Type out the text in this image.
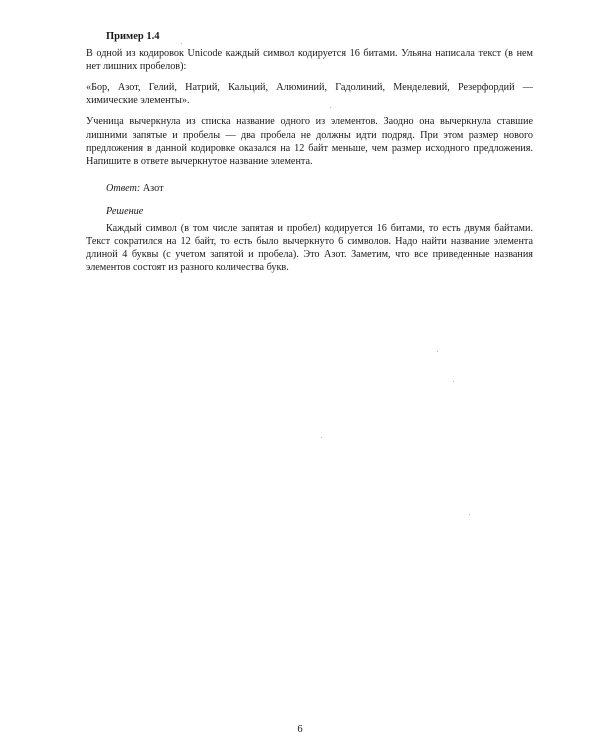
Пример 1.4

В одной из кодировок Unicode каждый символ кодируется 16 битами. Ульяна написала текст (в нем нет лишних пробелов):

«Бор, Азот, Гелий, Натрий, Кальций, Алюминий, Гадолиний, Менделевий, Резерфордий — химические элементы».

Ученица вычеркнула из списка название одного из элементов. Заодно она вычеркнула ставшие лишними запятые и пробелы — два пробела не должны идти подряд. При этом размер нового предложения в данной кодировке оказался на 12 байт меньше, чем размер исходного предложения. Напишите в ответе вычеркнутое название элемента.

Ответ: Азот
Решение

Каждый символ (в том числе запятая и пробел) кодируется 16 битами, то есть двумя байтами. Текст сократился на 12 байт, то есть было вычеркнуто 6 символов. Надо найти название элемента длиной 4 буквы (с учетом запятой и пробела). Это Азот. Заметим, что все приведенные названия элементов состоят из разного количества букв.

6
